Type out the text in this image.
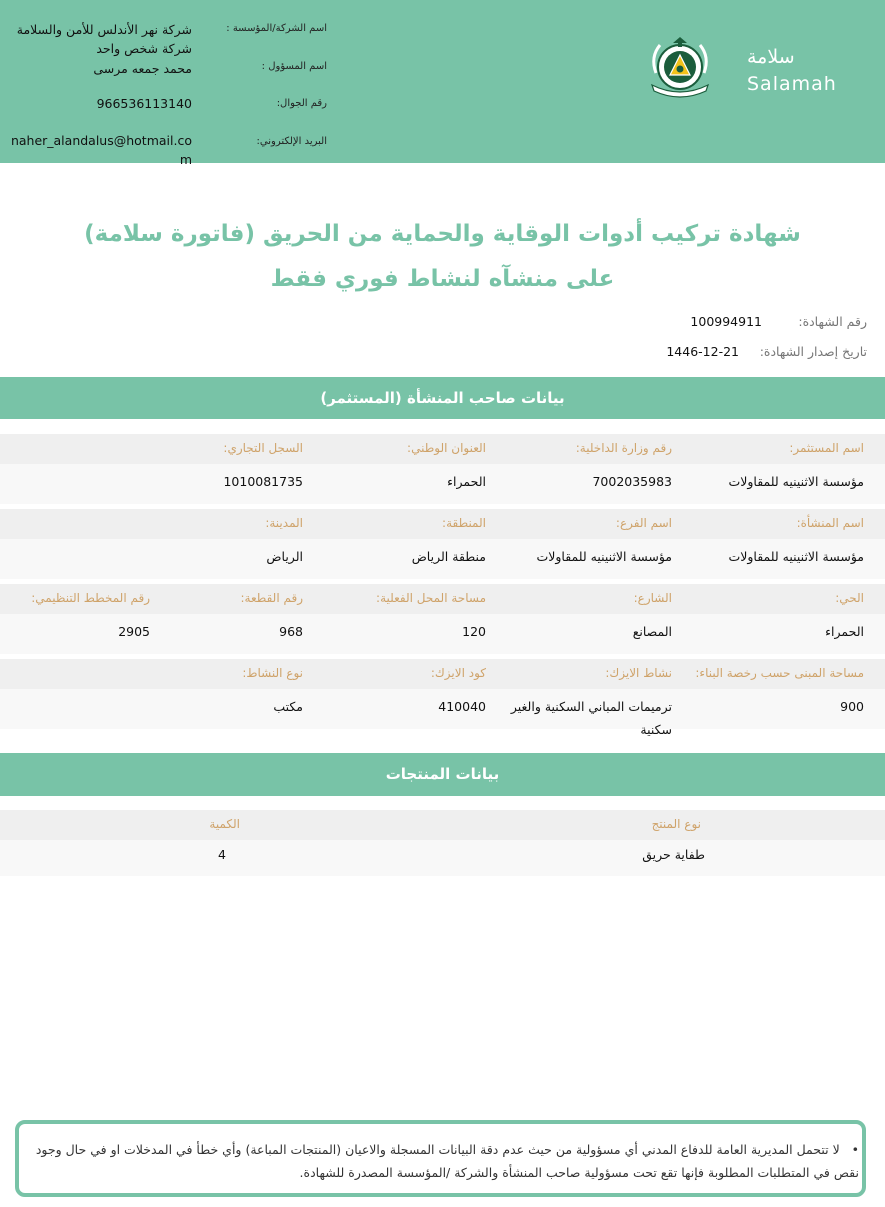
سلامة
Salamah
اسم الشركة/المؤسسة :
اسم المسؤول :
رقم الجوال:
البريد الإلكتروني:
شركة نهر الأندلس للأمن والسلامة شركة شخص واحد
محمد جمعه مرسى
966536113140
naher_alandalus@hotmail.com
شهادة تركيب أدوات الوقاية والحماية من الحريق (فاتورة سلامة)
على منشآه لنشاط فوري فقط
رقم الشهادة:
100994911
تاريخ إصدار الشهادة:
1446-12-21
بيانات صاحب المنشأة (المستثمر)
اسم المستثمر:
رقم وزارة الداخلية:
العنوان الوطني:
السجل التجاري:
مؤسسة الاثنينيه للمقاولات
7002035983
الحمراء
1010081735
اسم المنشأة:
اسم الفرع:
المنطقة:
المدينة:
مؤسسة الاثنينيه للمقاولات
مؤسسة الاثنينيه للمقاولات
منطقة الرياض
الرياض
الحي:
الشارع:
مساحة المحل الفعلية:
رقم القطعة:
رقم المخطط التنظيمي:
الحمراء
المصانع
120
968
2905
مساحة المبنى حسب رخصة البناء:
نشاط الايزك:
كود الايزك:
نوع النشاط:
900
ترميمات المباني السكنية والغير سكنية
410040
مكتب
بيانات المنتجات
نوع المنتج
الكمية
طفاية حريق
4

•   لا تتحمل المديرية العامة للدفاع المدني أي مسؤولية من حيث عدم دقة البيانات المسجلة والاعيان (المنتجات المباعة) وأي خطأ في المدخلات او في حال وجود نقص في المتطلبات المطلوبة فإنها تقع تحت مسؤولية صاحب المنشأة والشركة /المؤسسة المصدرة للشهادة.
